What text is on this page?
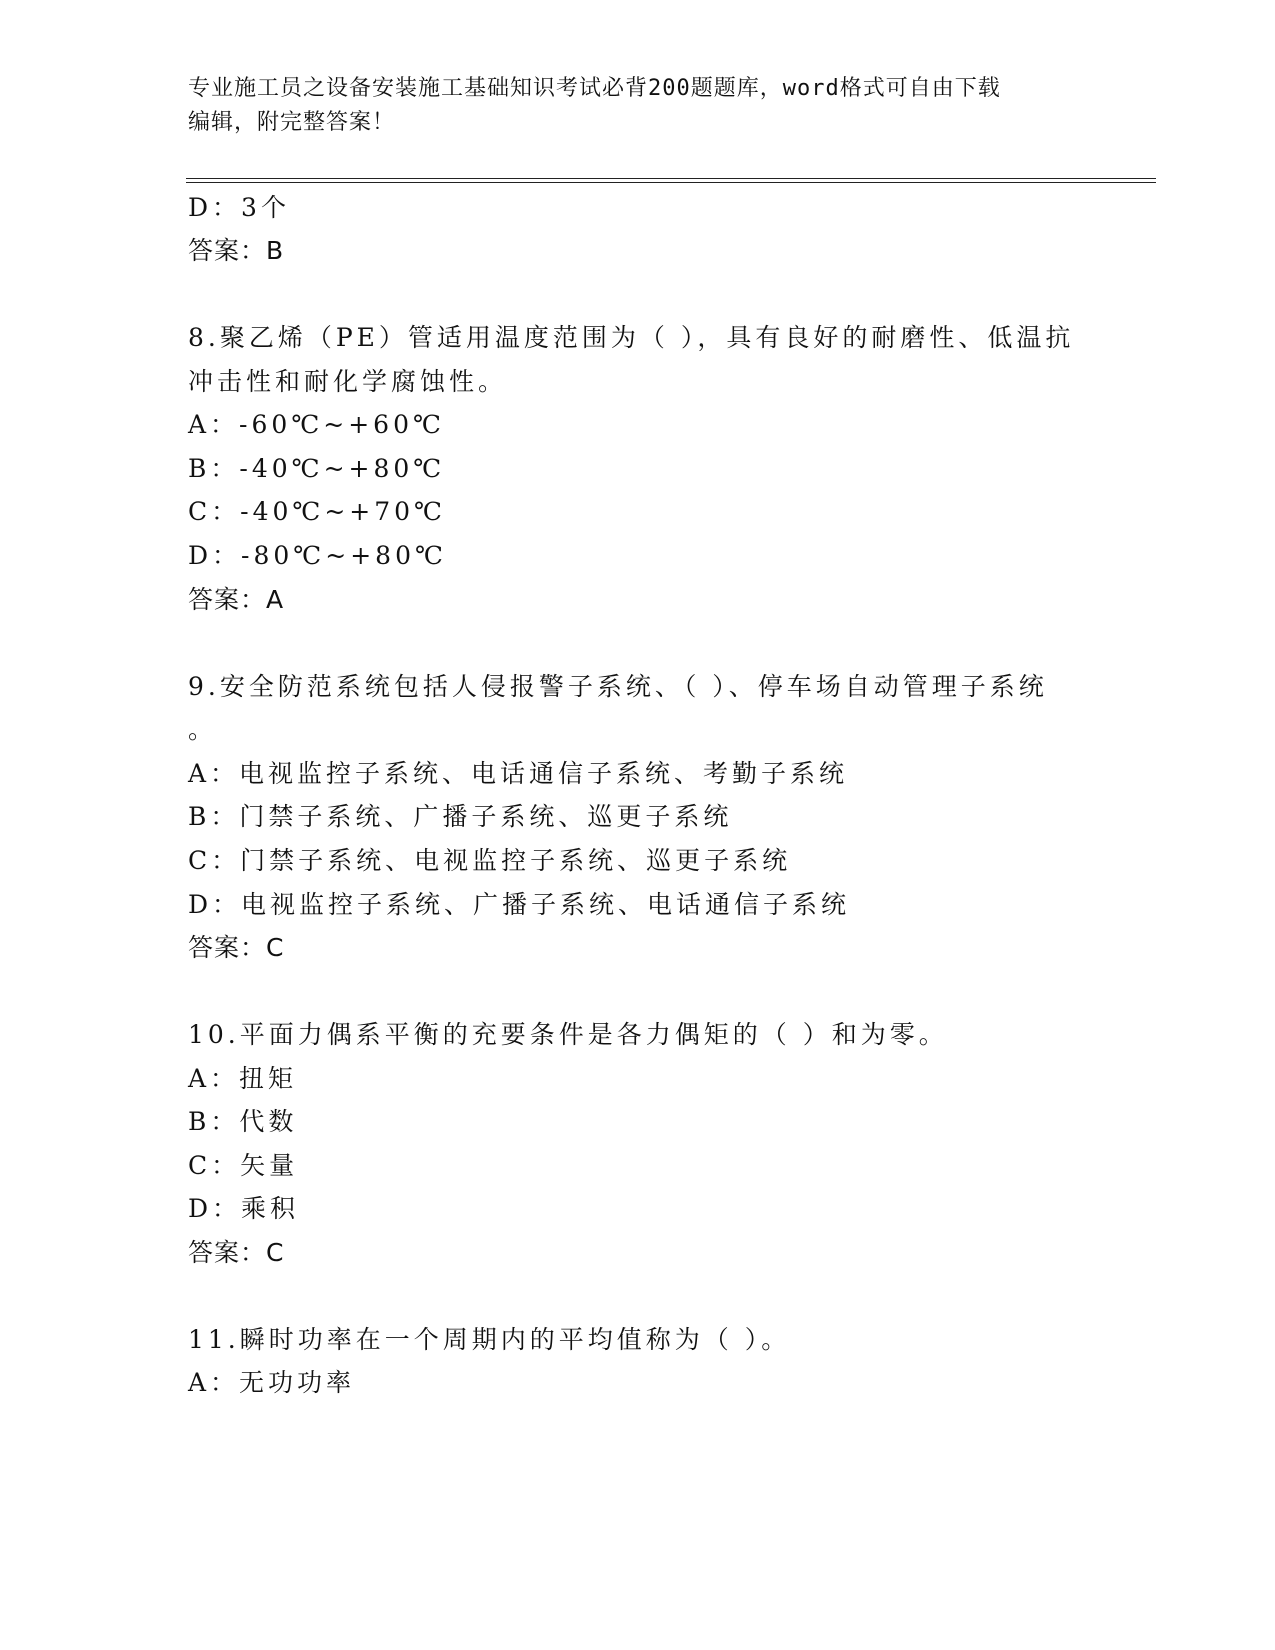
专业施工员之设备安装施工基础知识考试必背200题题库，word格式可自由下载
编辑，附完整答案！
D：3个
答案：B
8.聚乙烯（PE）管适用温度范围为（ ），具有良好的耐磨性、低温抗
冲击性和耐化学腐蚀性。
A：-60℃~+60℃
B：-40℃~+80℃
C：-40℃~+70℃
D：-80℃~+80℃
答案：A
9.安全防范系统包括人侵报警子系统、（ ）、停车场自动管理子系统
。
A：电视监控子系统、电话通信子系统、考勤子系统
B：门禁子系统、广播子系统、巡更子系统
C：门禁子系统、电视监控子系统、巡更子系统
D：电视监控子系统、广播子系统、电话通信子系统
答案：C
10.平面力偶系平衡的充要条件是各力偶矩的（ ）和为零。
A：扭矩
B：代数
C：矢量
D：乘积
答案：C
11.瞬时功率在一个周期内的平均值称为（ ）。
A：无功功率
